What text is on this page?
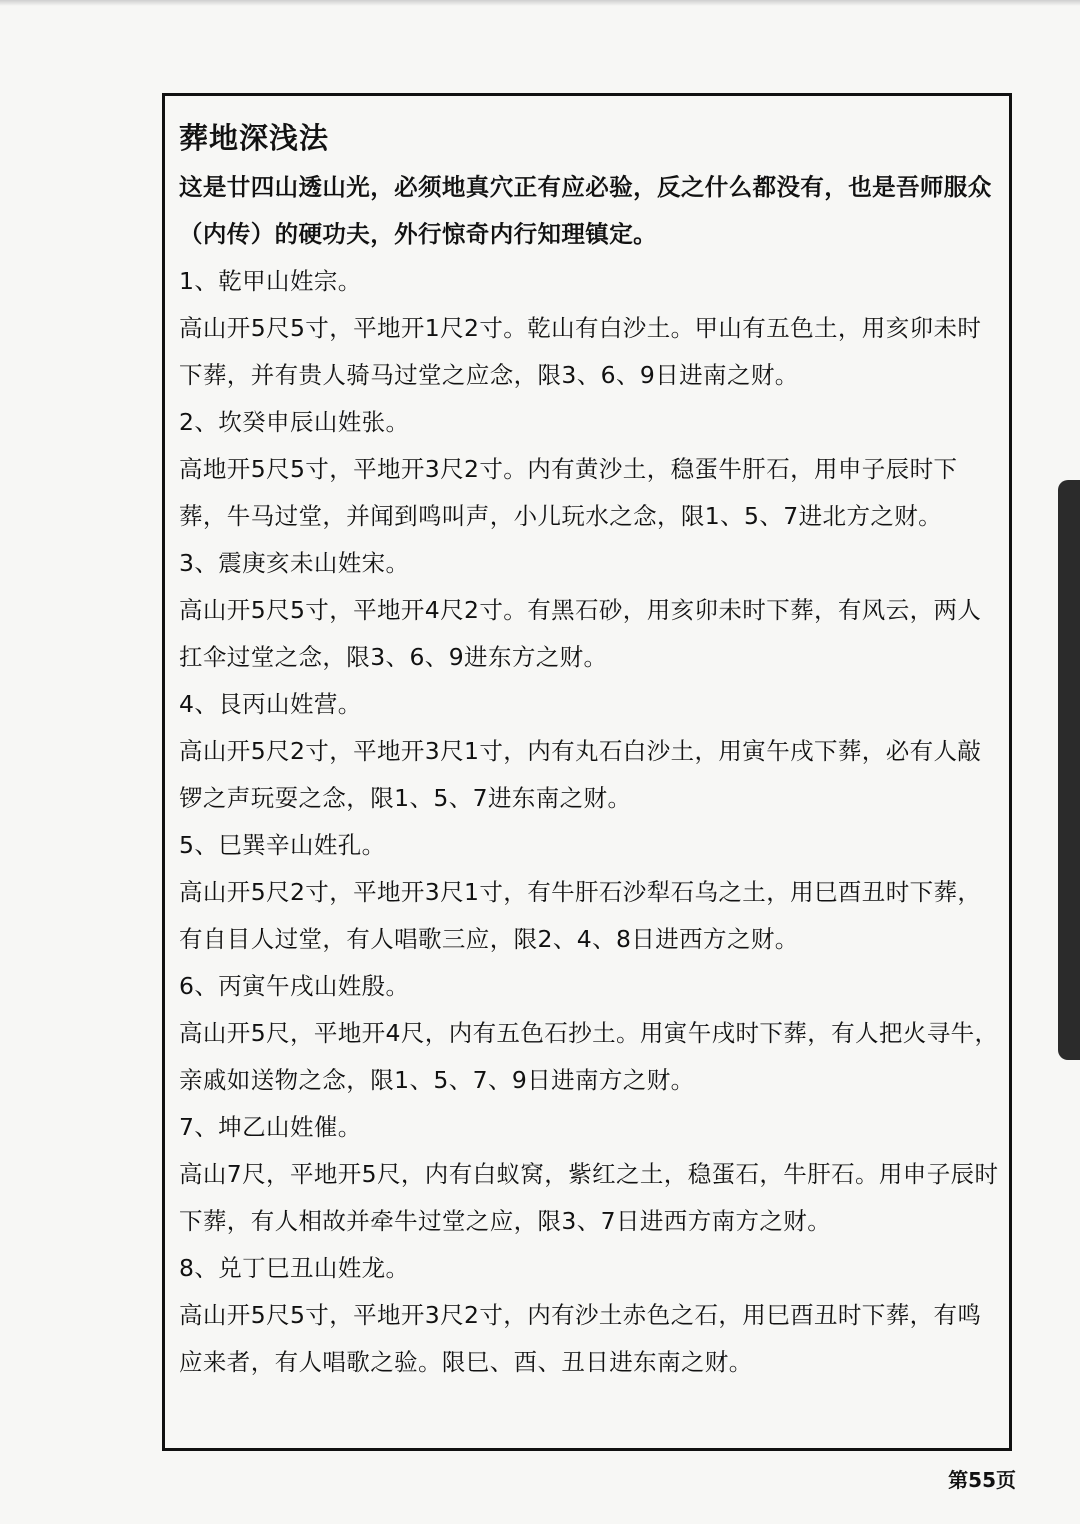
葬地深浅法
这是廿四山透山光，必须地真穴正有应必验，反之什么都没有，也是吾师服众（内传）的硬功夫，外行惊奇内行知理镇定。
1、乾甲山姓宗。
高山开5尺5寸，平地开1尺2寸。乾山有白沙土。甲山有五色土，用亥卯未时下葬，并有贵人骑马过堂之应念，限3、6、9日进南之财。
2、坎癸申辰山姓张。
高地开5尺5寸，平地开3尺2寸。内有黄沙土，稳蛋牛肝石，用申子辰时下葬，牛马过堂，并闻到鸣叫声，小儿玩水之念，限1、5、7进北方之财。
3、震庚亥未山姓宋。
高山开5尺5寸，平地开4尺2寸。有黑石砂，用亥卯未时下葬，有风云，两人扛伞过堂之念，限3、6、9进东方之财。
4、艮丙山姓营。
高山开5尺2寸，平地开3尺1寸，内有丸石白沙土，用寅午戌下葬，必有人敲锣之声玩耍之念，限1、5、7进东南之财。
5、巳巽辛山姓孔。
高山开5尺2寸，平地开3尺1寸，有牛肝石沙犁石乌之土，用巳酉丑时下葬，有自目人过堂，有人唱歌三应，限2、4、8日进西方之财。
6、丙寅午戌山姓殷。
高山开5尺，平地开4尺，内有五色石抄土。用寅午戌时下葬，有人把火寻牛，亲戚如送物之念，限1、5、7、9日进南方之财。
7、坤乙山姓催。
高山7尺，平地开5尺，内有白蚁窝，紫红之土，稳蛋石，牛肝石。用申子辰时下葬，有人相故并牵牛过堂之应，限3、7日进西方南方之财。
8、兑丁巳丑山姓龙。
高山开5尺5寸，平地开3尺2寸，内有沙土赤色之石，用巳酉丑时下葬，有鸣应来者，有人唱歌之验。限巳、酉、丑日进东南之财。
第55页
